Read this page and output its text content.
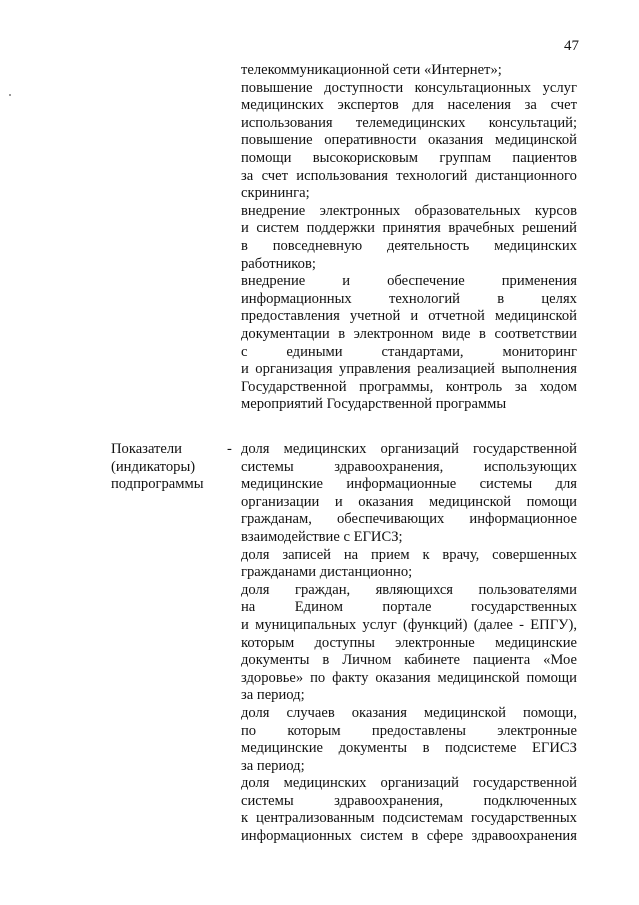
47
телекоммуникационной сети «Интернет»;
повышение доступности консультационных услуг
медицинских экспертов для населения за счет
использования телемедицинских консультаций;
повышение оперативности оказания медицинской
помощи высокорисковым группам пациентов
за счет использования технологий дистанционного
скрининга;
внедрение электронных образовательных курсов
и систем поддержки принятия врачебных решений
в повседневную деятельность медицинских
работников;
внедрение	и	обеспечение	применения
информационных	технологий	в	целях
предоставления учетной и отчетной медицинской
документации в электронном виде в соответствии
с	едиными	стандартами,	мониторинг
и организация управления реализацией выполнения
Государственной программы, контроль за ходом
мероприятий Государственной программы
Показатели
(индикаторы)
подпрограммы
- доля медицинских организаций государственной
системы	здравоохранения,	использующих
медицинские информационные системы для
организации и оказания медицинской помощи
гражданам, обеспечивающих информационное
взаимодействие с ЕГИСЗ;
доля записей на прием к врачу, совершенных
гражданами дистанционно;
доля граждан, являющихся пользователями
на	Едином	портале	государственных
и муниципальных услуг (функций) (далее - ЕПГУ),
которым доступны электронные медицинские
документы в Личном кабинете пациента «Мое
здоровье» по факту оказания медицинской помощи
за период;
доля случаев оказания медицинской помощи,
по которым предоставлены электронные
медицинские документы в подсистеме ЕГИСЗ
за период;
доля медицинских организаций государственной
системы	здравоохранения,	подключенных
к централизованным подсистемам государственных
информационных систем в сфере здравоохранения
